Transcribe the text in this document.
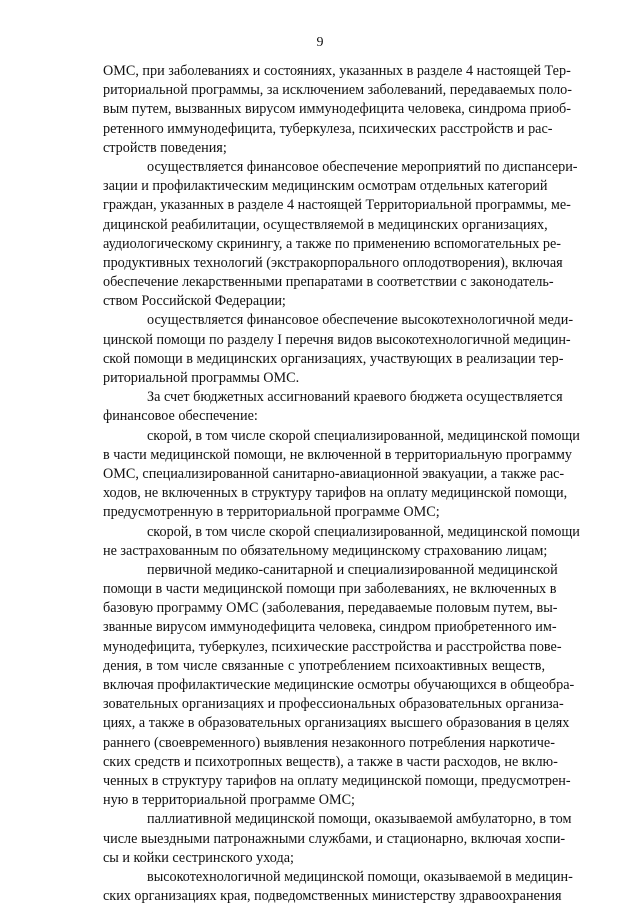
9
ОМС, при заболеваниях и состояниях, указанных в разделе 4 настоящей Тер-
риториальной программы, за исключением заболеваний, передаваемых поло-
вым путем, вызванных вирусом иммунодефицита человека, синдрома приоб-
ретенного иммунодефицита, туберкулеза, психических расстройств и рас-
стройств поведения;
осуществляется финансовое обеспечение мероприятий по диспансери-
зации и профилактическим медицинским осмотрам отдельных категорий
граждан, указанных в разделе 4 настоящей Территориальной программы, ме-
дицинской реабилитации, осуществляемой в медицинских организациях,
аудиологическому скринингу, а также по применению вспомогательных ре-
продуктивных технологий (экстракорпорального оплодотворения), включая
обеспечение лекарственными препаратами в соответствии с законодатель-
ством Российской Федерации;
осуществляется финансовое обеспечение высокотехнологичной меди-
цинской помощи по разделу I перечня видов высокотехнологичной медицин-
ской помощи в медицинских организациях, участвующих в реализации тер-
риториальной программы ОМС.
За счет бюджетных ассигнований краевого бюджета осуществляется
финансовое обеспечение:
скорой, в том числе скорой специализированной, медицинской помощи
в части медицинской помощи, не включенной в территориальную программу
ОМС, специализированной санитарно-авиационной эвакуации, а также рас-
ходов, не включенных в структуру тарифов на оплату медицинской помощи,
предусмотренную в территориальной программе ОМС;
скорой, в том числе скорой специализированной, медицинской помощи
не застрахованным по обязательному медицинскому страхованию лицам;
первичной медико-санитарной и специализированной медицинской
помощи в части медицинской помощи при заболеваниях, не включенных в
базовую программу ОМС (заболевания, передаваемые половым путем, вы-
званные вирусом иммунодефицита человека, синдром приобретенного им-
мунодефицита, туберкулез, психические расстройства и расстройства пове-
дения, в том числе связанные с употреблением психоактивных веществ,
включая профилактические медицинские осмотры обучающихся в общеобра-
зовательных организациях и профессиональных образовательных организа-
циях, а также в образовательных организациях высшего образования в целях
раннего (своевременного) выявления незаконного потребления наркотиче-
ских средств и психотропных веществ), а также в части расходов, не вклю-
ченных в структуру тарифов на оплату медицинской помощи, предусмотрен-
ную в территориальной программе ОМС;
паллиативной медицинской помощи, оказываемой амбулаторно, в том
числе выездными патронажными службами, и стационарно, включая хоспи-
сы и койки сестринского ухода;
высокотехнологичной медицинской помощи, оказываемой в медицин-
ских организациях края, подведомственных министерству здравоохранения
